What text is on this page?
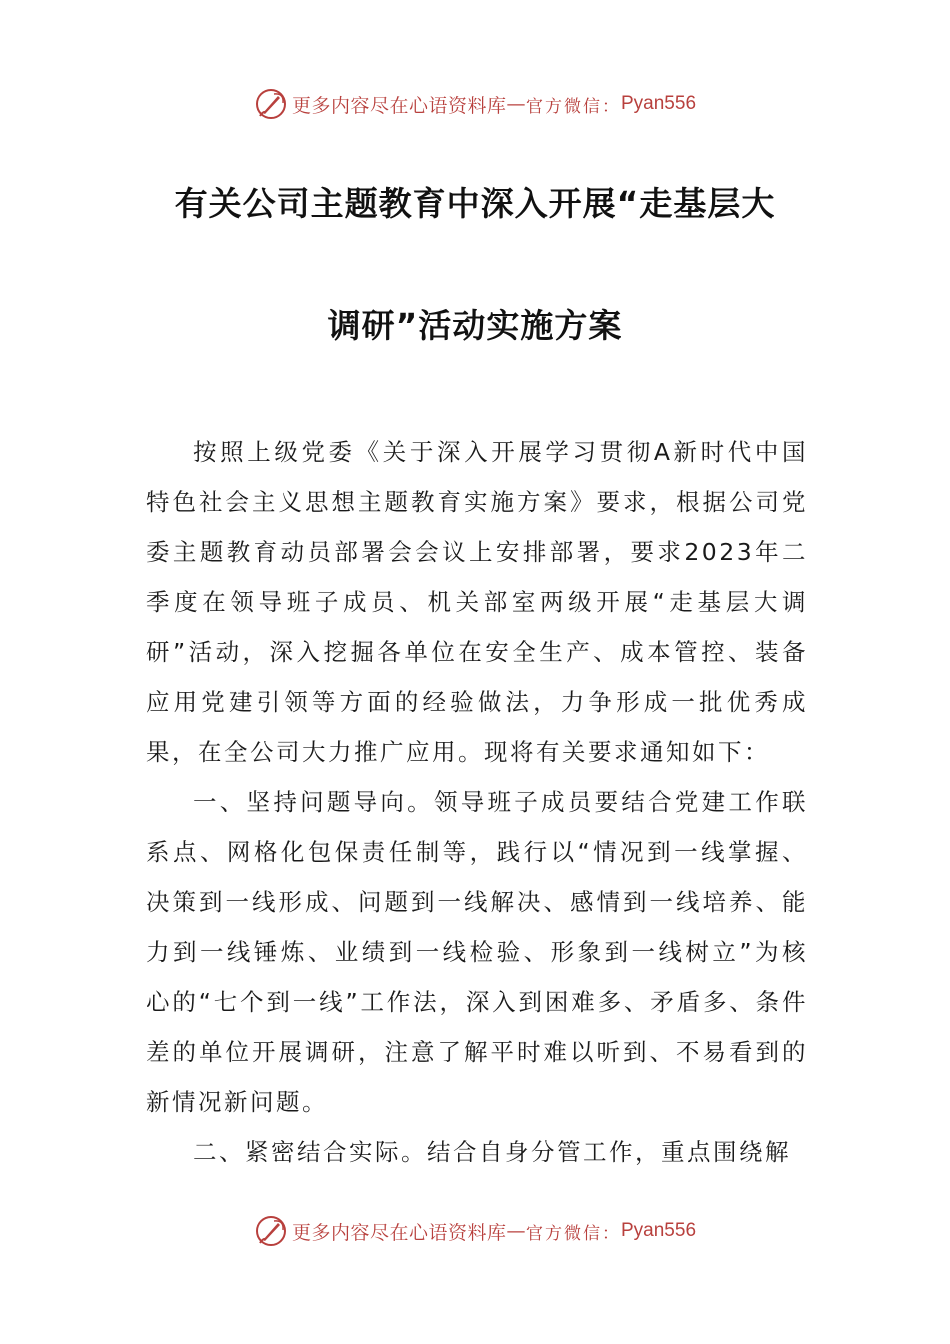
更多内容尽在心语资料库 — 官方微信： Pyan556
有关公司主题教育中深入开展“走基层大
调研”活动实施方案

按照上级党委《关于深入开展学习贯彻A新时代中国特色社会主义思想主题教育实施方案》要求，根据公司党委主题教育动员部署会会议上安排部署，要求2023年二季度在领导班子成员、机关部室两级开展“走基层大调研”活动，深入挖掘各单位在安全生产、成本管控、装备应用党建引领等方面的经验做法，力争形成一批优秀成果，在全公司大力推广应用。现将有关要求通知如下：

一、坚持问题导向。领导班子成员要结合党建工作联系点、网格化包保责任制等，践行以“情况到一线掌握、决策到一线形成、问题到一线解决、感情到一线培养、能力到一线锤炼、业绩到一线检验、形象到一线树立”为核心的“七个到一线”工作法，深入到困难多、矛盾多、条件差的单位开展调研，注意了解平时难以听到、不易看到的新情况新问题。

二、紧密结合实际。结合自身分管工作，重点围绕解

更多内容尽在心语资料库 — 官方微信： Pyan556
